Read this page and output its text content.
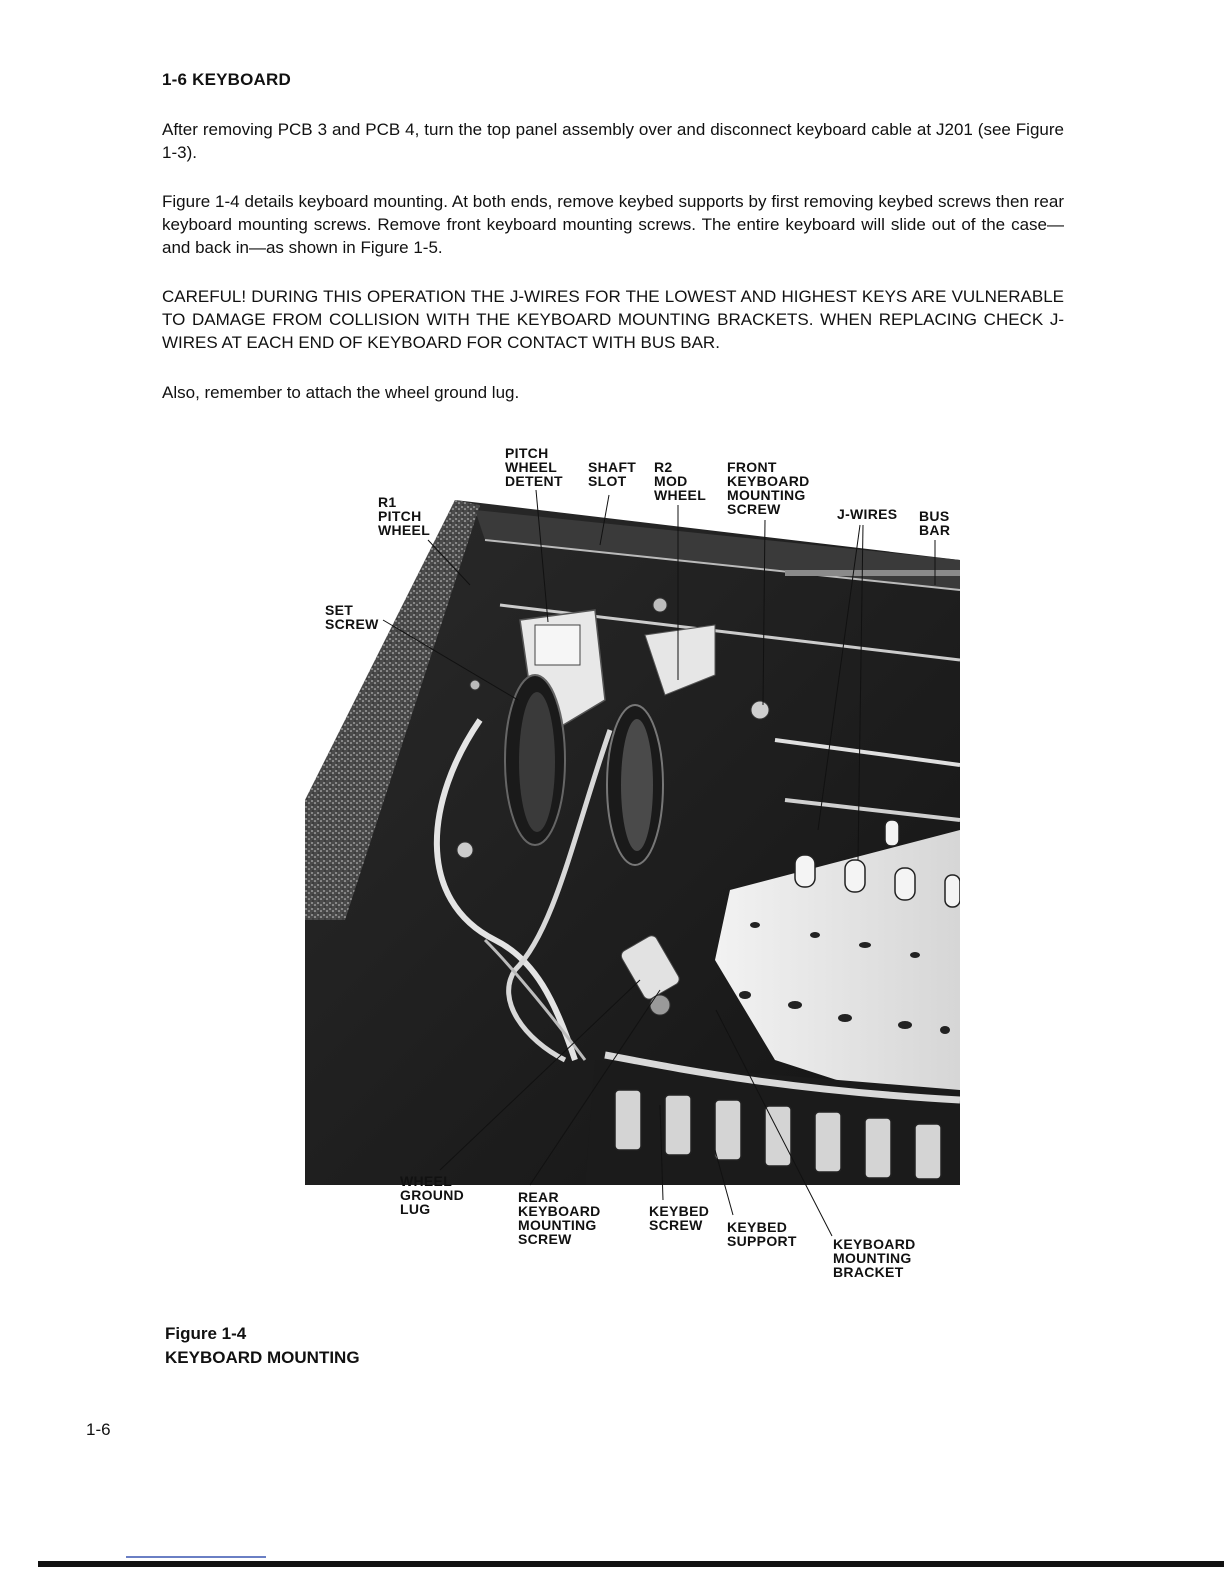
1-6 KEYBOARD
After removing PCB 3 and PCB 4, turn the top panel assembly over and disconnect keyboard cable at J201 (see Figure 1-3).
Figure 1-4 details keyboard mounting. At both ends, remove keybed supports by first removing keybed screws then rear keyboard mounting screws. Remove front keyboard mounting screws. The entire keyboard will slide out of the case—and back in—as shown in Figure 1-5.
CAREFUL! DURING THIS OPERATION THE J-WIRES FOR THE LOWEST AND HIGHEST KEYS ARE VULNERABLE TO DAMAGE FROM COLLISION WITH THE KEYBOARD MOUNTING BRACKETS. WHEN REPLACING CHECK J-WIRES AT EACH END OF KEYBOARD FOR CONTACT WITH BUS BAR.
Also, remember to attach the wheel ground lug.
PITCH
WHEEL
DETENT
SHAFT
SLOT
R2
MOD
WHEEL
FRONT
KEYBOARD
MOUNTING
SCREW
R1
PITCH
WHEEL
J-WIRES BUS
BAR
SET
SCREW
WHEEL
GROUND
LUG
REAR
KEYBOARD
MOUNTING
SCREW
KEYBED
SCREW	KEYBED
SUPPORT	KEYBOARD
MOUNTING
BRACKET
Figure 1-4
KEYBOARD MOUNTING
1-6
